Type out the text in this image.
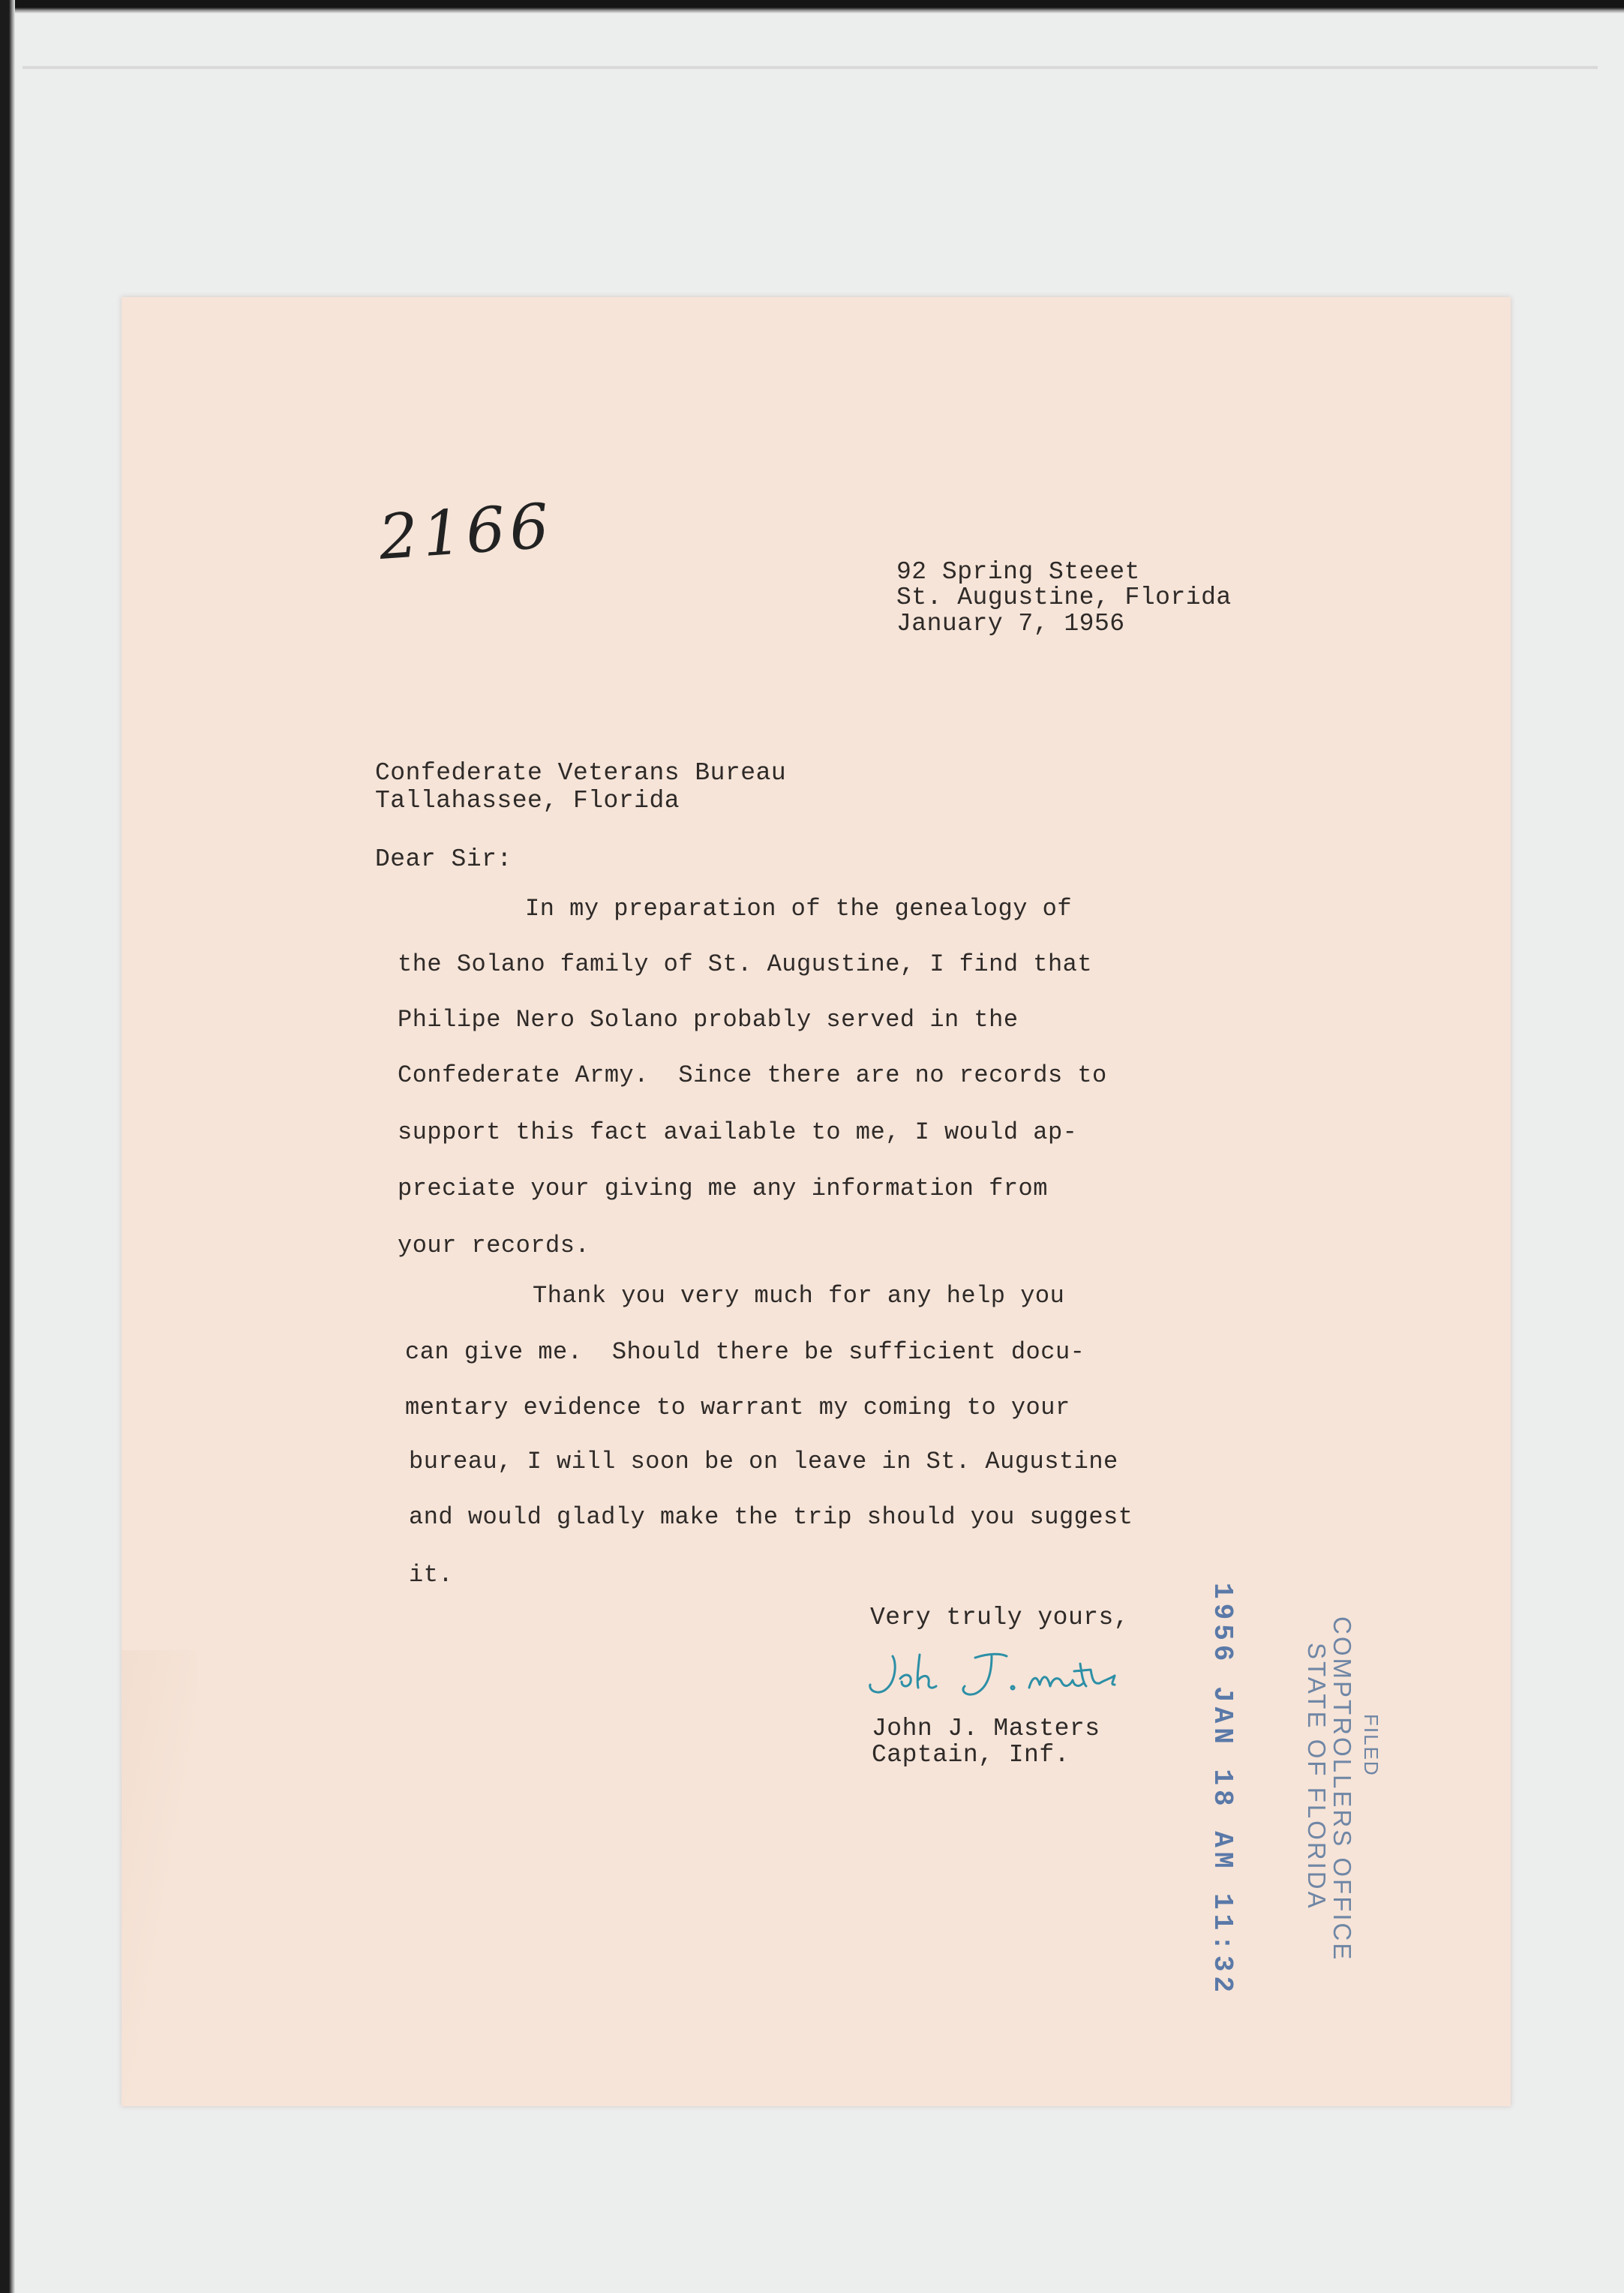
2166	92 Spring Steeet
St. Augustine, Florida
January 7, 1956
Confederate Veterans Bureau
Tallahassee, Florida
Dear Sir:
In my preparation of the genealogy of
the Solano family of St. Augustine, I find that
Philipe Nero Solano probably served in the
Confederate Army.  Since there are no records to
support this fact available to me, I would ap-
preciate your giving me any information from
your records.
Thank you very much for any help you
can give me.  Should there be sufficient docu-
mentary evidence to warrant my coming to your
bureau, I will soon be on leave in St. Augustine
and would gladly make the trip should you suggest
it.
Very truly yours,
John J. Masters
Captain, Inf.	1956 JAN 18 AM 11:32	FILED
COMPTROLLERS OFFICE
STATE OF FLORIDA
